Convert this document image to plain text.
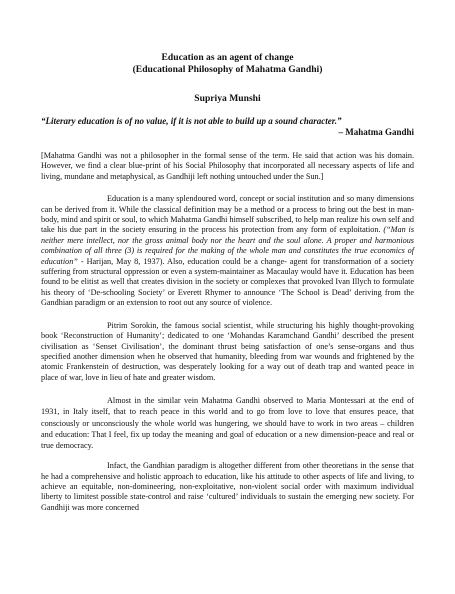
Education as an agent of change
(Educational Philosophy of Mahatma Gandhi)
Supriya Munshi
“Literary education is of no value, if it is not able to build up a sound character.”
– Mahatma Gandhi
[Mahatma Gandhi was not a philosopher in the formal sense of the term. He said that action was his domain. However, we find a clear blue-print of his Social Philosophy that incorporated all necessary aspects of life and living, mundane and metaphysical, as Gandhiji left nothing untouched under the Sun.]

Education is a many splendoured word, concept or social institution and so many dimensions can be derived from it. While the classical definition may be a method or a process to bring out the best in man-body, mind and spirit or soul, to which Mahatma Gandhi himself subscribed, to help man realize his own self and take his due part in the society ensuring in the process his protection from any form of exploitation. (“Man is neither mere intellect, nor the gross animal body nor the heart and the soul alone. A proper and harmonious combination of all three (3) is required for the making of the whole man and constitutes the true economics of education” - Harijan, May 8, 1937). Also, education could be a change- agent for transformation of a society suffering from structural oppression or even a system-maintainer as Macaulay would have it. Education has been found to be elitist as well that creates division in the society or complexes that provoked Ivan Illych to formulate his theory of ‘De-schooling Society’ or Everett Rhymer to announce ‘The School is Dead’ deriving from the Gandhian paradigm or an extension to root out any source of violence.

Pitrim Sorokin, the famous social scientist, while structuring his highly thought-provoking book ‘Reconstruction of Humanity’; dedicated to one ‘Mohandas Karamchand Gandhi’ described the present civilisation as ‘Senset Civilisation’, the dominant thrust being satisfaction of one’s sense-organs and thus specified another dimension when he observed that humanity, bleeding from war wounds and frightened by the atomic Frankenstein of destruction, was desperately looking for a way out of death trap and wanted peace in place of war, love in lieu of hate and greater wisdom.

Almost in the similar vein Mahatma Gandhi observed to Maria Montessari at the end of 1931, in Italy itself, that to reach peace in this world and to go from love to love that ensures peace, that consciously or unconsciously the whole world was hungering, we should have to work in two areas – children and education: That I feel, fix up today the meaning and goal of education or a new dimension-peace and real or true democracy.

Infact, the Gandhian paradigm is altogether different from other theoretians in the sense that he had a comprehensive and holistic approach to education, like his attitude to other aspects of life and living, to achieve an equitable, non-domineering, non-exploitative, non-violent social order with maximum individual liberty to limitest possible state-control and raise ‘cultured’ individuals to sustain the emerging new society. For Gandhiji was more concerned
